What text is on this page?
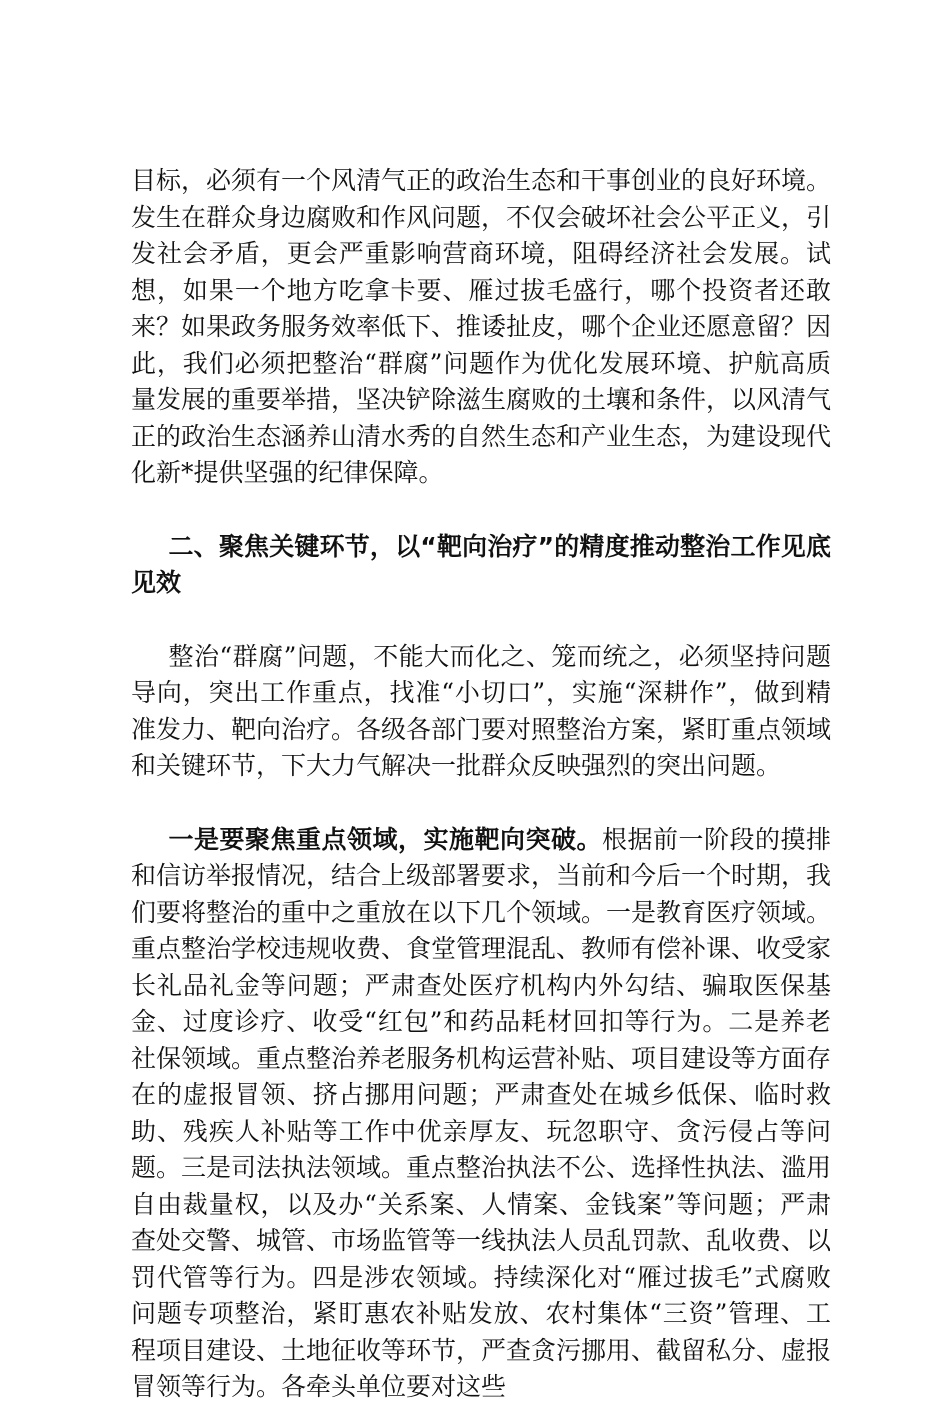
目标，必须有一个风清气正的政治生态和干事创业的良好环境。发生在群众身边腐败和作风问题，不仅会破坏社会公平正义，引发社会矛盾，更会严重影响营商环境，阻碍经济社会发展。试想，如果一个地方吃拿卡要、雁过拔毛盛行，哪个投资者还敢来？如果政务服务效率低下、推诿扯皮，哪个企业还愿意留？因此，我们必须把整治“群腐”问题作为优化发展环境、护航高质量发展的重要举措，坚决铲除滋生腐败的土壤和条件，以风清气正的政治生态涵养山清水秀的自然生态和产业生态，为建设现代化新*提供坚强的纪律保障。

二、聚焦关键环节，以“靶向治疗”的精度推动整治工作见底见效

整治“群腐”问题，不能大而化之、笼而统之，必须坚持问题导向，突出工作重点，找准“小切口”，实施“深耕作”，做到精准发力、靶向治疗。各级各部门要对照整治方案，紧盯重点领域和关键环节，下大力气解决一批群众反映强烈的突出问题。

一是要聚焦重点领域，实施靶向突破。根据前一阶段的摸排和信访举报情况，结合上级部署要求，当前和今后一个时期，我们要将整治的重中之重放在以下几个领域。一是教育医疗领域。重点整治学校违规收费、食堂管理混乱、教师有偿补课、收受家长礼品礼金等问题；严肃查处医疗机构内外勾结、骗取医保基金、过度诊疗、收受“红包”和药品耗材回扣等行为。二是养老社保领域。重点整治养老服务机构运营补贴、项目建设等方面存在的虚报冒领、挤占挪用问题；严肃查处在城乡低保、临时救助、残疾人补贴等工作中优亲厚友、玩忽职守、贪污侵占等问题。三是司法执法领域。重点整治执法不公、选择性执法、滥用自由裁量权，以及办“关系案、人情案、金钱案”等问题；严肃查处交警、城管、市场监管等一线执法人员乱罚款、乱收费、以罚代管等行为。四是涉农领域。持续深化对“雁过拔毛”式腐败问题专项整治，紧盯惠农补贴发放、农村集体“三资”管理、工程项目建设、土地征收等环节，严查贪污挪用、截留私分、虚报冒领等行为。各牵头单位要对这些
